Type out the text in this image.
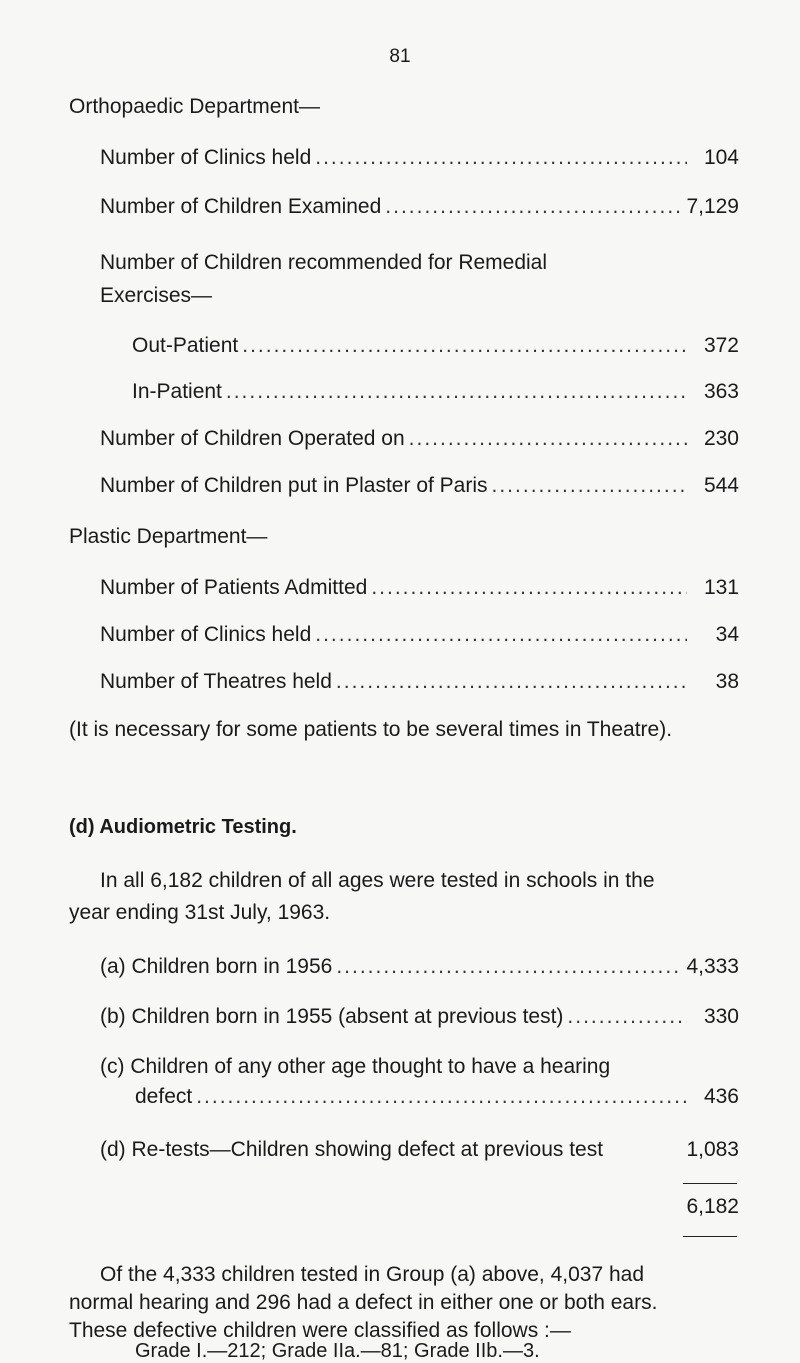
81
Orthopaedic Department—
Number of Clinics held .....	104
Number of Children Examined .....	7,129
Number of Children recommended for Remedial
Exercises—
Out-Patient .....	372
In-Patient .....	363
Number of Children Operated on .....	230
Number of Children put in Plaster of Paris .....	544
Plastic Department—
Number of Patients Admitted .....	131
Number of Clinics held .....	34
Number of Theatres held .....	38
(It is necessary for some patients to be several times in Theatre).
(d) Audiometric Testing.
In all 6,182 children of all ages were tested in schools in the
year ending 31st July, 1963.
(a) Children born in 1956 .....	4,333
(b) Children born in 1955 (absent at previous test) .....	330
(c) Children of any other age thought to have a hearing
defect .....	436
(d) Re-tests—Children showing defect at previous test	1,083
6,182
Of the 4,333 children tested in Group (a) above, 4,037 had
normal hearing and 296 had a defect in either one or both ears.
These defective children were classified as follows :—
Grade I.—212; Grade IIa.—81; Grade IIb.—3.
